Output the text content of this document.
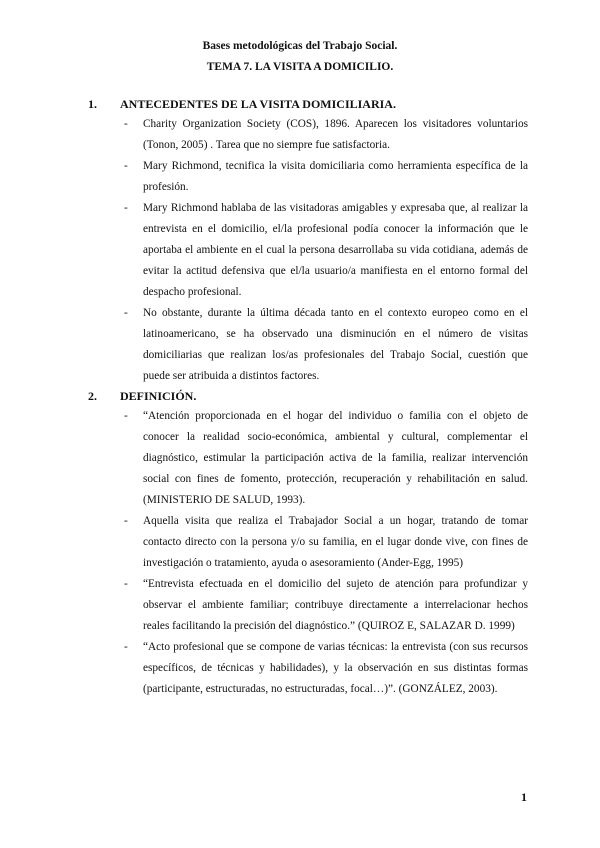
Bases metodológicas del Trabajo Social.
TEMA 7. LA VISITA A DOMICILIO.
1.	ANTECEDENTES DE LA VISITA DOMICILIARIA.
- Charity Organization Society (COS), 1896. Aparecen los visitadores voluntarios (Tonon, 2005) . Tarea que no siempre fue satisfactoria.
- Mary Richmond, tecnifica la visita domiciliaria como herramienta específica de la profesión.
- Mary Richmond hablaba de las visitadoras amigables y expresaba que, al realizar la entrevista en el domicilio, el/la profesional podía conocer la información que le aportaba el ambiente en el cual la persona desarrollaba su vida cotidiana, además de evitar la actitud defensiva que el/la usuario/a manifiesta en el entorno formal del despacho profesional.
- No obstante, durante la última década tanto en el contexto europeo como en el latinoamericano, se ha observado una disminución en el número de visitas domiciliarias que realizan los/as profesionales del Trabajo Social, cuestión que puede ser atribuida a distintos factores.
2.	DEFINICIÓN.
- “Atención proporcionada en el hogar del individuo o familia con el objeto de conocer la realidad socio-económica, ambiental y cultural, complementar el diagnóstico, estimular la participación activa de la familia, realizar intervención social con fines de fomento, protección, recuperación y rehabilitación en salud. (MINISTERIO DE SALUD, 1993).
- Aquella visita que realiza el Trabajador Social a un hogar, tratando de tomar contacto directo con la persona y/o su familia, en el lugar donde vive, con fines de investigación o tratamiento, ayuda o asesoramiento (Ander-Egg, 1995)
- “Entrevista efectuada en el domicilio del sujeto de atención para profundizar y observar el ambiente familiar; contribuye directamente a interrelacionar hechos reales facilitando la precisión del diagnóstico.” (QUIROZ E, SALAZAR D. 1999)
- “Acto profesional que se compone de varias técnicas: la entrevista (con sus recursos específicos, de técnicas y habilidades), y la observación en sus distintas formas (participante, estructuradas, no estructuradas, focal…)”. (GONZÁLEZ, 2003).
1
